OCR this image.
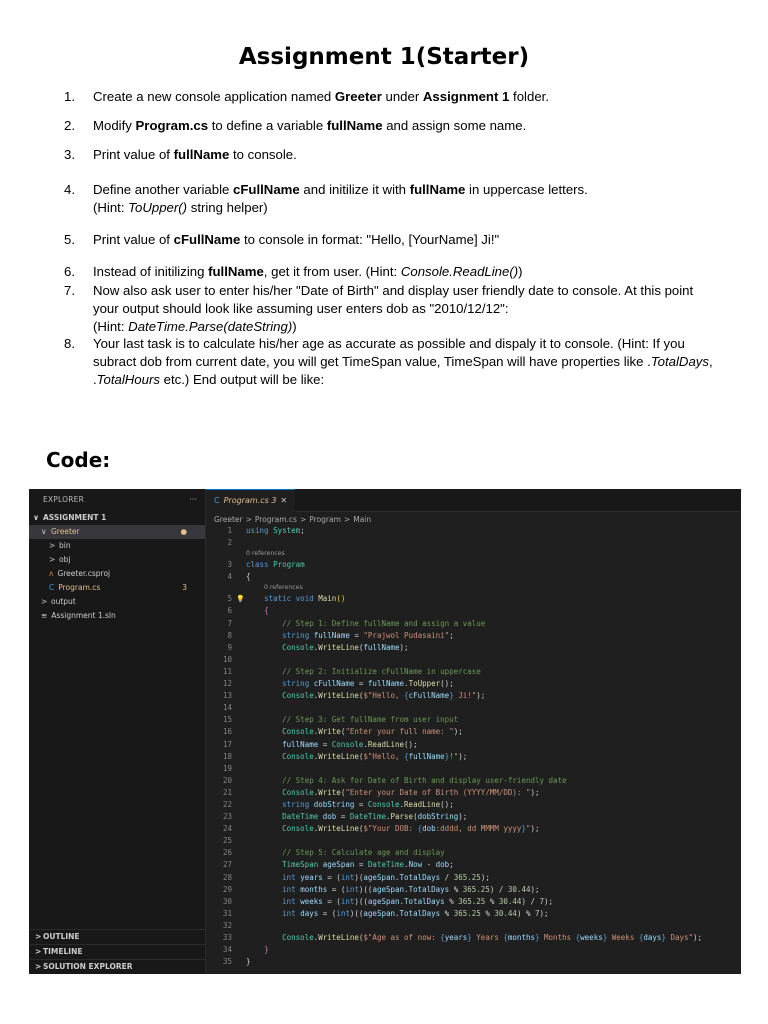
Assignment 1(Starter)
1.	Create a new console application named Greeter under Assignment 1 folder.
2.	Modify Program.cs to define a variable fullName and assign some name.
3.	Print value of fullName to console.
4.	Define another variable cFullName and initilize it with fullName in uppercase letters.
(Hint: ToUpper() string helper)
5.	Print value of cFullName to console in format: "Hello, [YourName] Ji!"
6.	Instead of initilizing fullName, get it from user. (Hint: Console.ReadLine())
7.	Now also ask user to enter his/her "Date of Birth" and display user friendly date to console. At this point your output should look like assuming user enters dob as "2010/12/12":
(Hint: DateTime.Parse(dateString))
8.	Your last task is to calculate his/her age as accurate as possible and dispaly it to console. (Hint: If you subract dob from current date, you will get TimeSpan value, TimeSpan will have properties like .TotalDays, .TotalHours etc.) End output will be like:
Code:
EXPLORER	···
∨ ASSIGNMENT 1
∨ Greeter	●
> bin
> obj
ʌ Greeter.csproj
C Program.cs	3
> output
≡ Assignment 1.sln
> OUTLINE
> TIMELINE
> SOLUTION EXPLORER
C Program.cs 3 ✕
Greeter > Program.cs > Program > Main
1 using System;
2
0 references
3 class Program
4 {
0 references
5 💡	static void Main()
6	{
7	// Step 1: Define fullName and assign a value
8	string fullName = "Prajwol Pudasaini";
9	Console.WriteLine(fullName);
10
11	// Step 2: Initialize cFullName in uppercase
12	string cFullName = fullName.ToUpper();
13	Console.WriteLine($"Hello, {cFullName} Ji!");
14
15	// Step 3: Get fullName from user input
16	Console.Write("Enter your full name: ");
17	fullName = Console.ReadLine();
18	Console.WriteLine($"Hello, {fullName}!");
19
20	// Step 4: Ask for Date of Birth and display user-friendly date
21	Console.Write("Enter your Date of Birth (YYYY/MM/DD): ");
22	string dobString = Console.ReadLine();
23	DateTime dob = DateTime.Parse(dobString);
24	Console.WriteLine($"Your DOB: {dob:dddd, dd MMMM yyyy}");
25
26	// Step 5: Calculate age and display
27	TimeSpan ageSpan = DateTime.Now - dob;
28	int years = (int)(ageSpan.TotalDays / 365.25);
29	int months = (int)((ageSpan.TotalDays % 365.25) / 30.44);
30	int weeks = (int)((ageSpan.TotalDays % 365.25 % 30.44) / 7);
31	int days = (int)((ageSpan.TotalDays % 365.25 % 30.44) % 7);
32
33	Console.WriteLine($"Age as of now: {years} Years {months} Months {weeks} Weeks {days} Days");
34	}
35 }
